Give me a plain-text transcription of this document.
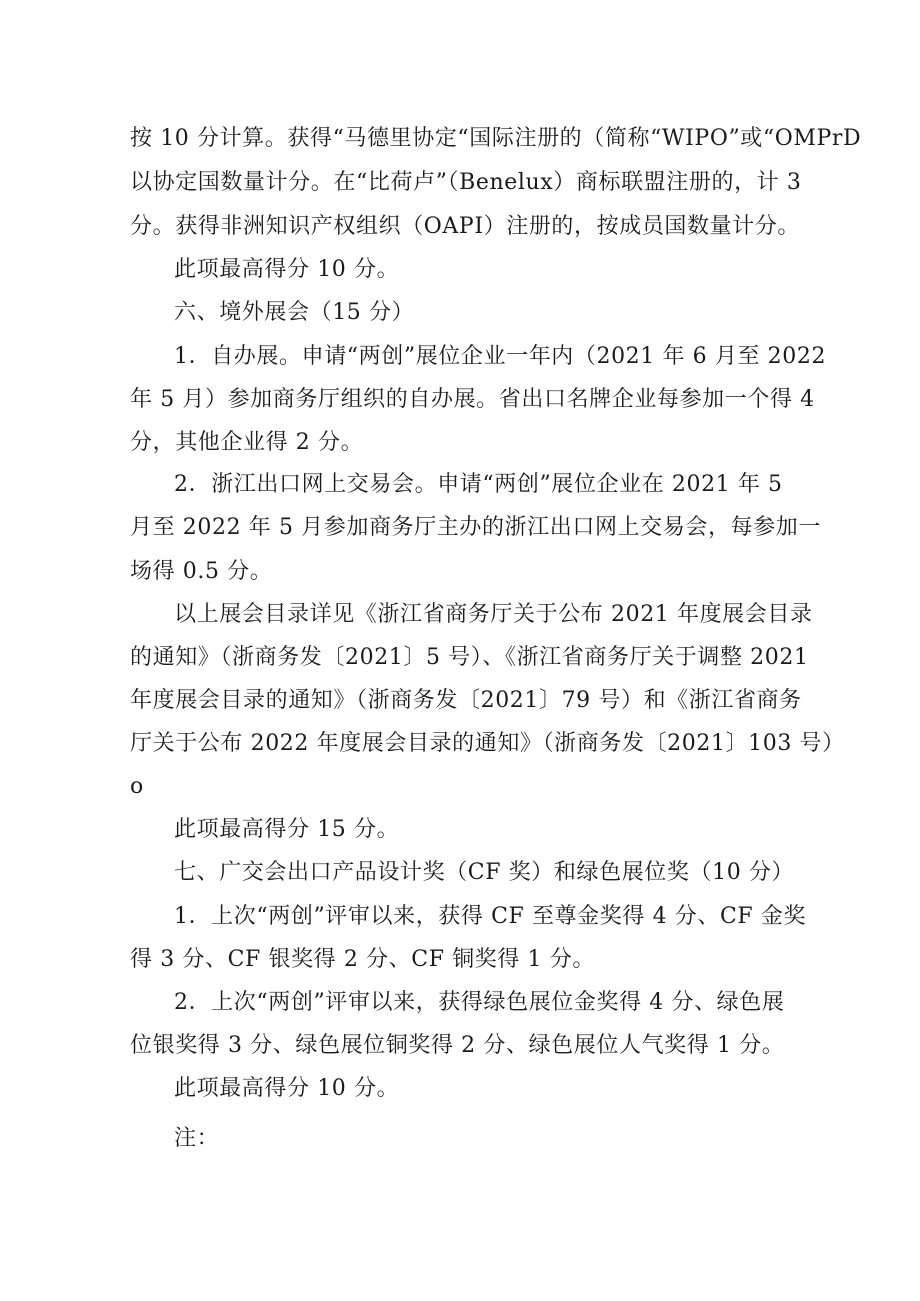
按 10 分计算。获得“马德里协定“国际注册的（简称“WIPO”或“OMPrD
以协定国数量计分。在“比荷卢”（Benelux）商标联盟注册的，计 3
分。获得非洲知识产权组织（OAPI）注册的，按成员国数量计分。
此项最高得分 10 分。
六、境外展会（15 分）
1．自办展。申请“两创”展位企业一年内（2021 年 6 月至 2022
年 5 月）参加商务厅组织的自办展。省出口名牌企业每参加一个得 4
分，其他企业得 2 分。
2．浙江出口网上交易会。申请“两创”展位企业在 2021 年 5
月至 2022 年 5 月参加商务厅主办的浙江出口网上交易会，每参加一
场得 0.5 分。
以上展会目录详见《浙江省商务厅关于公布 2021 年度展会目录
的通知》（浙商务发〔2021〕5 号）、《浙江省商务厅关于调整 2021
年度展会目录的通知》（浙商务发〔2021〕79 号）和《浙江省商务
厅关于公布 2022 年度展会目录的通知》（浙商务发〔2021〕103 号）
o
此项最高得分 15 分。
七、广交会出口产品设计奖（CF 奖）和绿色展位奖（10 分）
1．上次“两创”评审以来，获得 CF 至尊金奖得 4 分、CF 金奖
得 3 分、CF 银奖得 2 分、CF 铜奖得 1 分。
2．上次“两创”评审以来，获得绿色展位金奖得 4 分、绿色展
位银奖得 3 分、绿色展位铜奖得 2 分、绿色展位人气奖得 1 分。
此项最高得分 10 分。
注：
